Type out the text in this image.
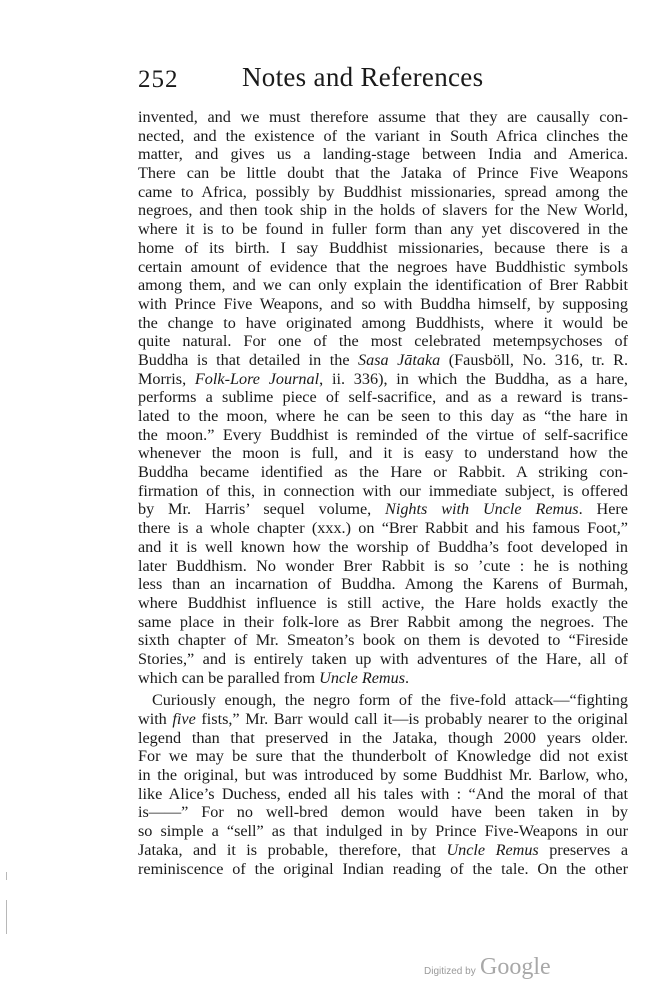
252 Notes and References
invented, and we must therefore assume that they are causally con-
nected, and the existence of the variant in South Africa clinches the
matter, and gives us a landing-stage between India and America.
There can be little doubt that the Jataka of Prince Five Weapons
came to Africa, possibly by Buddhist missionaries, spread among the
negroes, and then took ship in the holds of slavers for the New World,
where it is to be found in fuller form than any yet discovered in the
home of its birth. I say Buddhist missionaries, because there is a
certain amount of evidence that the negroes have Buddhistic symbols
among them, and we can only explain the identification of Brer Rabbit
with Prince Five Weapons, and so with Buddha himself, by supposing
the change to have originated among Buddhists, where it would be
quite natural. For one of the most celebrated metempsychoses of
Buddha is that detailed in the Sasa Jātaka (Fausböll, No. 316, tr. R.
Morris, Folk-Lore Journal, ii. 336), in which the Buddha, as a hare,
performs a sublime piece of self-sacrifice, and as a reward is trans-
lated to the moon, where he can be seen to this day as “the hare in
the moon.” Every Buddhist is reminded of the virtue of self-sacrifice
whenever the moon is full, and it is easy to understand how the
Buddha became identified as the Hare or Rabbit. A striking con-
firmation of this, in connection with our immediate subject, is offered
by Mr. Harris’ sequel volume, Nights with Uncle Remus. Here
there is a whole chapter (xxx.) on “Brer Rabbit and his famous Foot,”
and it is well known how the worship of Buddha’s foot developed in
later Buddhism. No wonder Brer Rabbit is so ’cute : he is nothing
less than an incarnation of Buddha. Among the Karens of Burmah,
where Buddhist influence is still active, the Hare holds exactly the
same place in their folk-lore as Brer Rabbit among the negroes. The
sixth chapter of Mr. Smeaton’s book on them is devoted to “Fireside
Stories,” and is entirely taken up with adventures of the Hare, all of
which can be paralled from Uncle Remus.
Curiously enough, the negro form of the five-fold attack—“fighting
with five fists,” Mr. Barr would call it—is probably nearer to the original
legend than that preserved in the Jataka, though 2000 years older.
For we may be sure that the thunderbolt of Knowledge did not exist
in the original, but was introduced by some Buddhist Mr. Barlow, who,
like Alice’s Duchess, ended all his tales with : “And the moral of that
is——” For no well-bred demon would have been taken in by
so simple a “sell” as that indulged in by Prince Five-Weapons in our
Jataka, and it is probable, therefore, that Uncle Remus preserves a
reminiscence of the original Indian reading of the tale. On the other
Digitized by Google
